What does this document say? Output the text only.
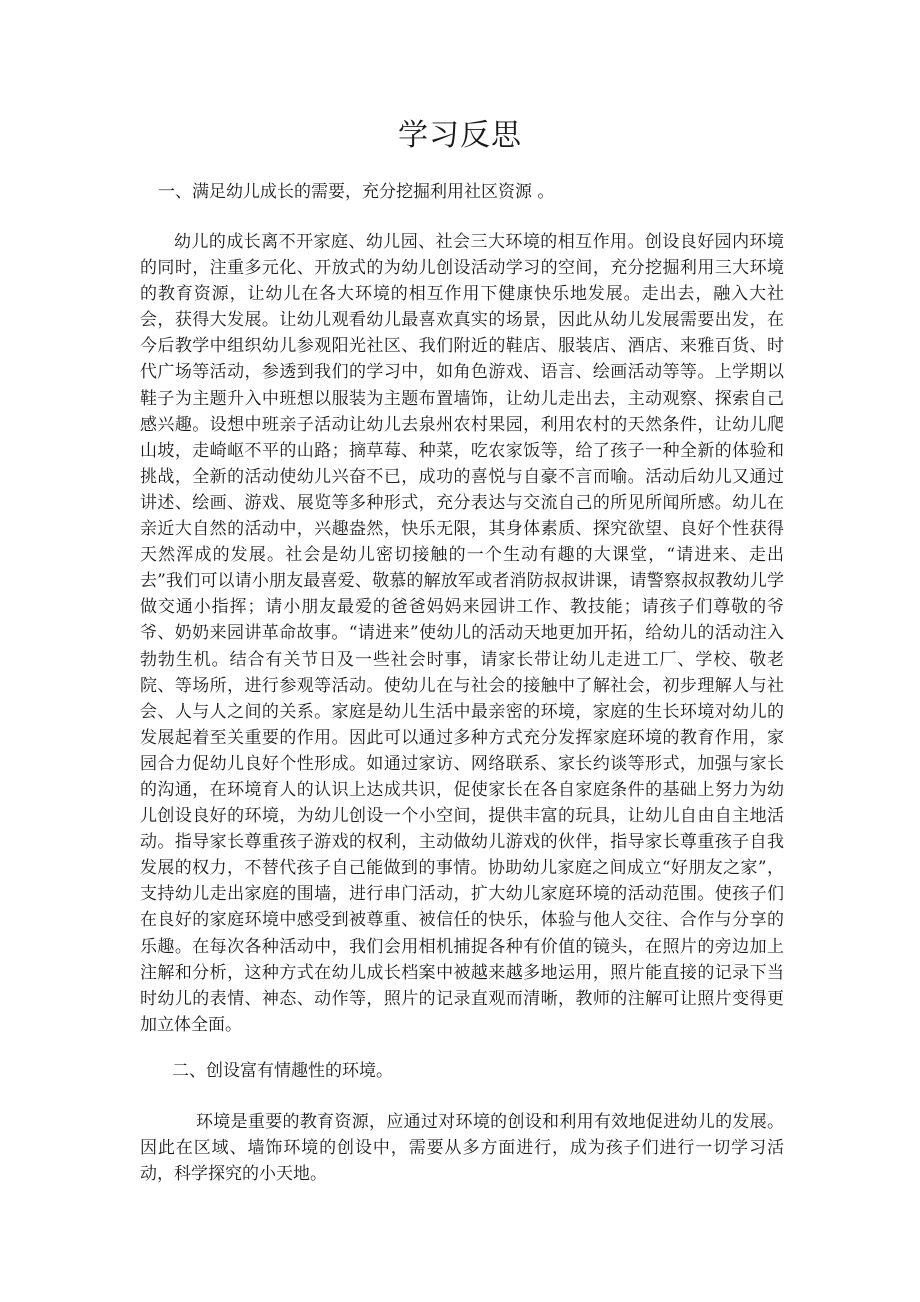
学习反思

一、满足幼儿成长的需要，充分挖掘利用社区资源 。

幼儿的成长离不开家庭、幼儿园、社会三大环境的相互作用。创设良好园内环境的同时，注重多元化、开放式的为幼儿创设活动学习的空间，充分挖掘利用三大环境的教育资源，让幼儿在各大环境的相互作用下健康快乐地发展。走出去，融入大社会，获得大发展。让幼儿观看幼儿最喜欢真实的场景，因此从幼儿发展需要出发，在今后教学中组织幼儿参观阳光社区、我们附近的鞋店、服装店、酒店、来雅百货、时代广场等活动，参透到我们的学习中，如角色游戏、语言、绘画活动等等。上学期以鞋子为主题升入中班想以服装为主题布置墙饰，让幼儿走出去，主动观察、探索自己感兴趣。设想中班亲子活动让幼儿去泉州农村果园，利用农村的天然条件，让幼儿爬山坡，走崎岖不平的山路；摘草莓、种菜，吃农家饭等，给了孩子一种全新的体验和挑战，全新的活动使幼儿兴奋不已，成功的喜悦与自豪不言而喻。活动后幼儿又通过讲述、绘画、游戏、展览等多种形式，充分表达与交流自己的所见所闻所感。幼儿在亲近大自然的活动中，兴趣盎然，快乐无限，其身体素质、探究欲望、良好个性获得天然浑成的发展。社会是幼儿密切接触的一个生动有趣的大课堂，“请进来、走出去”我们可以请小朋友最喜爱、敬慕的解放军或者消防叔叔讲课，请警察叔叔教幼儿学做交通小指挥；请小朋友最爱的爸爸妈妈来园讲工作、教技能；请孩子们尊敬的爷爷、奶奶来园讲革命故事。“请进来”使幼儿的活动天地更加开拓，给幼儿的活动注入勃勃生机。结合有关节日及一些社会时事，请家长带让幼儿走进工厂、学校、敬老院、等场所，进行参观等活动。使幼儿在与社会的接触中了解社会，初步理解人与社会、人与人之间的关系。家庭是幼儿生活中最亲密的环境，家庭的生长环境对幼儿的发展起着至关重要的作用。因此可以通过多种方式充分发挥家庭环境的教育作用，家园合力促幼儿良好个性形成。如通过家访、网络联系、家长约谈等形式，加强与家长的沟通，在环境育人的认识上达成共识，促使家长在各自家庭条件的基础上努力为幼儿创设良好的环境，为幼儿创设一个小空间，提供丰富的玩具，让幼儿自由自主地活动。指导家长尊重孩子游戏的权利，主动做幼儿游戏的伙伴，指导家长尊重孩子自我发展的权力，不替代孩子自己能做到的事情。协助幼儿家庭之间成立“好朋友之家”，支持幼儿走出家庭的围墙，进行串门活动，扩大幼儿家庭环境的活动范围。使孩子们在良好的家庭环境中感受到被尊重、被信任的快乐，体验与他人交往、合作与分享的乐趣。在每次各种活动中，我们会用相机捕捉各种有价值的镜头，在照片的旁边加上注解和分析，这种方式在幼儿成长档案中被越来越多地运用，照片能直接的记录下当时幼儿的表情、神态、动作等，照片的记录直观而清晰，教师的注解可让照片变得更加立体全面。

二、创设富有情趣性的环境。

环境是重要的教育资源，应通过对环境的创设和利用有效地促进幼儿的发展。因此在区域、墙饰环境的创设中，需要从多方面进行，成为孩子们进行一切学习活动，科学探究的小天地。
